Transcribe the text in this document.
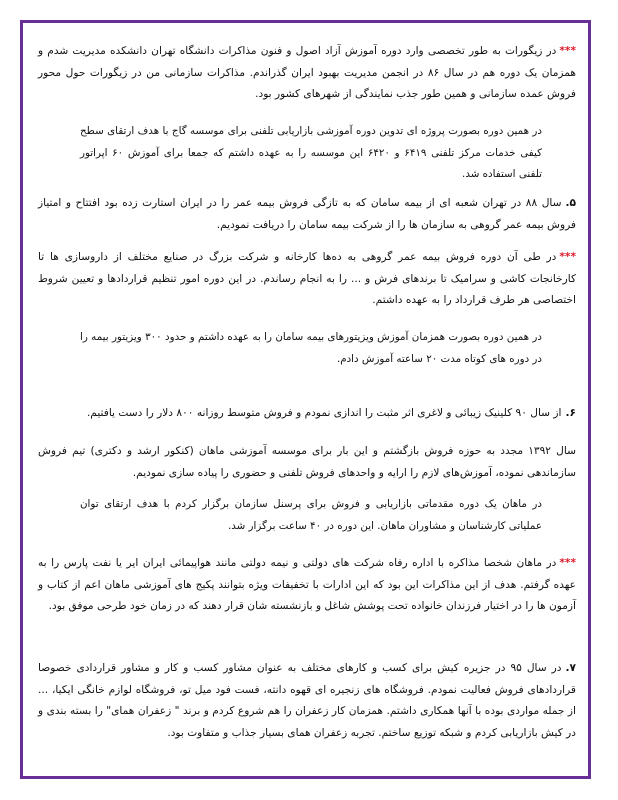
***در زیگورات به طور تخصصی وارد دوره آموزش آزاد اصول و فنون مذاکرات دانشگاه تهران دانشکده مدیریت شدم و همزمان یک دوره هم در سال ۸۶ در انجمن مدیریت بهبود ایران گذراندم. مذاکرات سازمانی من در زیگورات حول محور فروش عمده سازمانی و همین طور جذب نمایندگی از شهرهای کشور بود.
در همین دوره بصورت پروژه ای تدوین دوره آموزشی بازاریابی تلفنی برای موسسه گاج با هدف ارتقای سطح کیفی خدمات مرکز تلفنی ۶۴۱۹ و ۶۴۲۰ این موسسه را به عهده داشتم که جمعا برای آموزش ۶۰ اپراتور تلفنی استفاده شد.
۵.سال ۸۸ در تهران شعبه ای از بیمه سامان که به تازگی فروش بیمه عمر را در ایران استارت زده بود افتتاح و امتیاز فروش بیمه عمر گروهی به سازمان ها را از شرکت بیمه سامان را دریافت نمودیم.
***در طی آن دوره فروش بیمه عمر گروهی به ده‌ها کارخانه و شرکت بزرگ در صنایع مختلف از داروسازی ها تا کارخانجات کاشی و سرامیک تا برندهای فرش و ... را به انجام رساندم. در این دوره امور تنظیم قراردادها و تعیین شروط اختصاصی هر طرف قرارداد را به عهده داشتم.
در همین دوره بصورت همزمان آموزش ویزیتورهای بیمه سامان را به عهده داشتم و حدود ۳۰۰ ویزیتور بیمه را در دوره های کوتاه مدت ۲۰ ساعته آموزش دادم.
۶.از سال ۹۰ کلینیک زیبائی و لاغری اثر مثبت را اندازی نمودم و فروش متوسط روزانه ۸۰۰ دلار را دست یافتیم.
سال ۱۳۹۲ مجدد به حوزه فروش بازگشتم و این بار برای موسسه آموزشی ماهان (کنکور ارشد و دکتری) تیم فروش سازماندهی نموده، آموزش‌های لازم را ارایه و واحدهای فروش تلفنی و حضوری را پیاده سازی نمودیم.
در ماهان یک دوره مقدماتی بازاریابی و فروش برای پرسنل سازمان برگزار کردم با هدف ارتقای توان عملیاتی کارشناسان و مشاوران ماهان. این دوره در ۴۰ ساعت برگزار شد.
***در ماهان شخصا مذاکره با اداره رفاه شرکت های دولتی و نیمه دولتی مانند هواپیمائی ایران ایر یا نفت پارس را به عهده گرفتم. هدف از این مذاکرات این بود که این ادارات با تخفیفات ویژه بتوانند پکیج های آموزشی ماهان اعم از کتاب و آزمون ها را در اختیار فرزندان خانواده تحت پوشش شاغل و بازنشسته شان قرار دهند که در زمان خود طرحی موفق بود.
۷.در سال ۹۵ در جزیره کیش برای کسب و کارهای مختلف به عنوان مشاور کسب و کار و مشاور قراردادی خصوصا قراردادهای فروش فعالیت نمودم. فروشگاه های زنجیره ای قهوه دانته، فست فود میل تو، فروشگاه لوازم خانگی ایکیا، ... از جمله مواردی بوده با آنها همکاری داشتم. همزمان کار زعفران را هم شروع کردم و برند " زعفران همای" را بسته بندی و در کیش بازاریابی کردم و شبکه توزیع ساختم. تجربه زعفران همای بسیار جذاب و متفاوت بود.
